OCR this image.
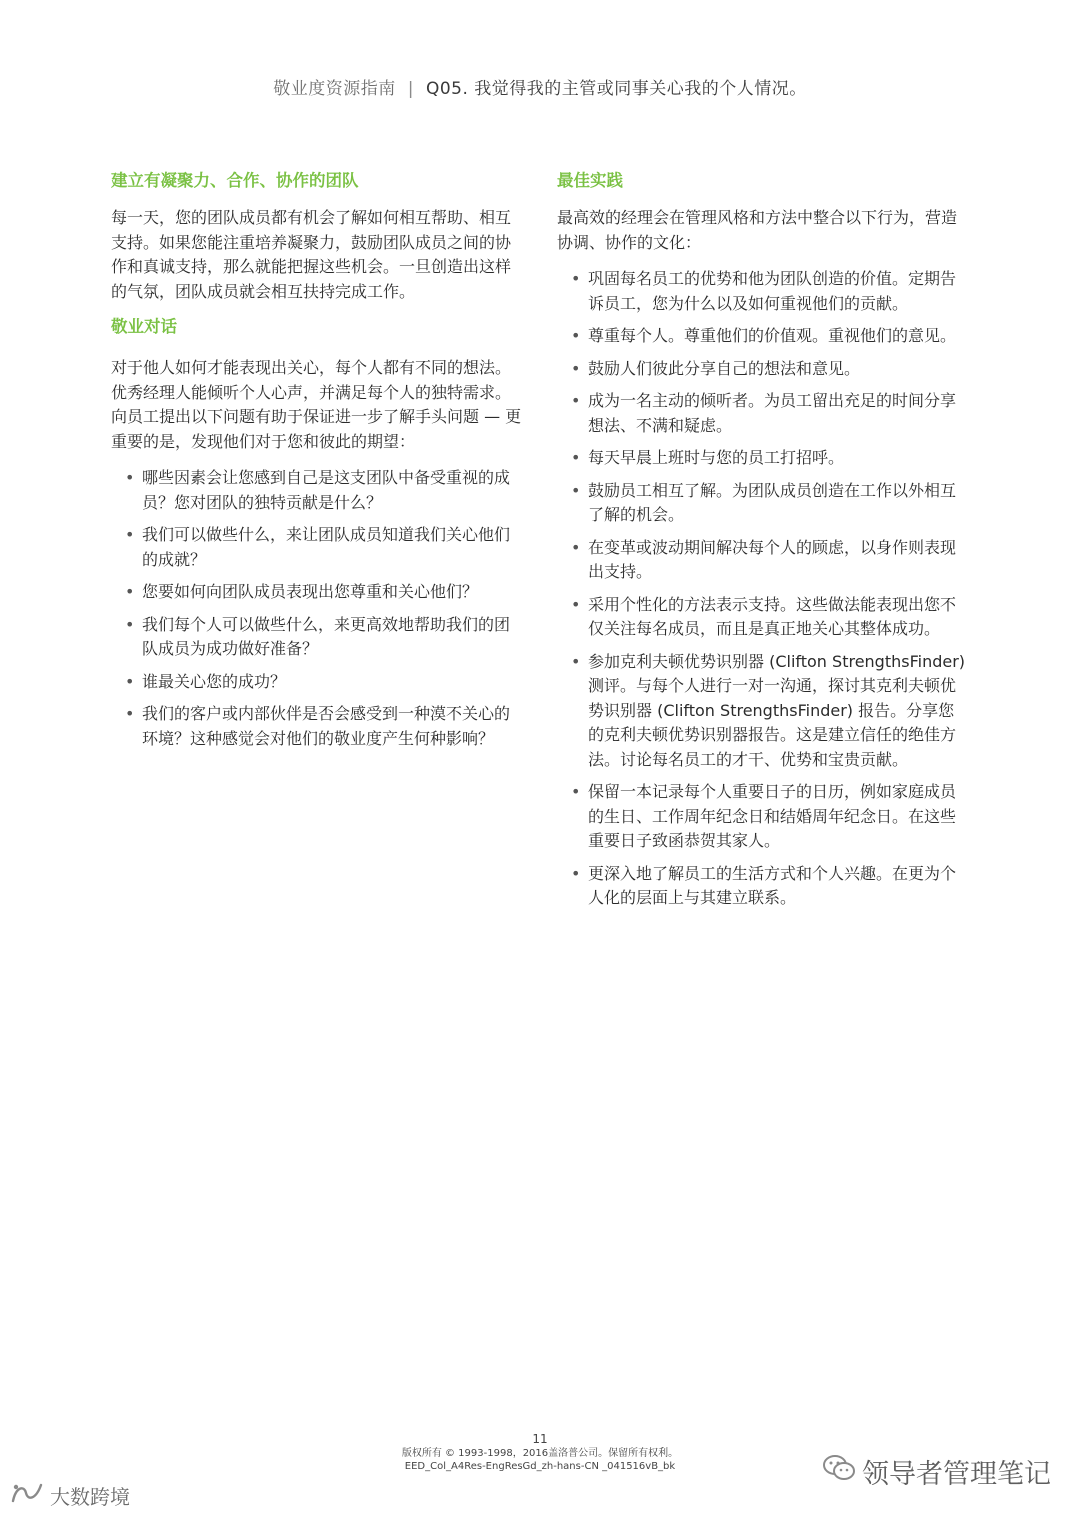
敬业度资源指南 | Q05. 我觉得我的主管或同事关心我的个人情况。
建立有凝聚力、合作、协作的团队
每一天，您的团队成员都有机会了解如何相互帮助、相互支持。如果您能注重培养凝聚力，鼓励团队成员之间的协作和真诚支持，那么就能把握这些机会。一旦创造出这样的气氛，团队成员就会相互扶持完成工作。
敬业对话
对于他人如何才能表现出关心，每个人都有不同的想法。优秀经理人能倾听个人心声，并满足每个人的独特需求。向员工提出以下问题有助于保证进一步了解手头问题 — 更重要的是，发现他们对于您和彼此的期望：
• 哪些因素会让您感到自己是这支团队中备受重视的成员？您对团队的独特贡献是什么？
• 我们可以做些什么，来让团队成员知道我们关心他们的成就？
• 您要如何向团队成员表现出您尊重和关心他们？
• 我们每个人可以做些什么，来更高效地帮助我们的团队成员为成功做好准备？
• 谁最关心您的成功？
• 我们的客户或内部伙伴是否会感受到一种漠不关心的环境？这种感觉会对他们的敬业度产生何种影响？
最佳实践
最高效的经理会在管理风格和方法中整合以下行为，营造协调、协作的文化：
• 巩固每名员工的优势和他为团队创造的价值。定期告诉员工，您为什么以及如何重视他们的贡献。
• 尊重每个人。尊重他们的价值观。重视他们的意见。
• 鼓励人们彼此分享自己的想法和意见。
• 成为一名主动的倾听者。为员工留出充足的时间分享想法、不满和疑虑。
• 每天早晨上班时与您的员工打招呼。
• 鼓励员工相互了解。为团队成员创造在工作以外相互了解的机会。
• 在变革或波动期间解决每个人的顾虑，以身作则表现出支持。
• 采用个性化的方法表示支持。这些做法能表现出您不仅关注每名成员，而且是真正地关心其整体成功。
• 参加克利夫顿优势识别器 (Clifton StrengthsFinder) 测评。与每个人进行一对一沟通，探讨其克利夫顿优势识别器 (Clifton StrengthsFinder) 报告。分享您的克利夫顿优势识别器报告。这是建立信任的绝佳方法。讨论每名员工的才干、优势和宝贵贡献。
• 保留一本记录每个人重要日子的日历，例如家庭成员的生日、工作周年纪念日和结婚周年纪念日。在这些重要日子致函恭贺其家人。
• 更深入地了解员工的生活方式和个人兴趣。在更为个人化的层面上与其建立联系。
11
版权所有 © 1993-1998，2016盖洛普公司。保留所有权利。
EED_Col_A4Res-EngResGd_zh-hans-CN _041516vB_bk	领导者管理笔记
大数跨境
